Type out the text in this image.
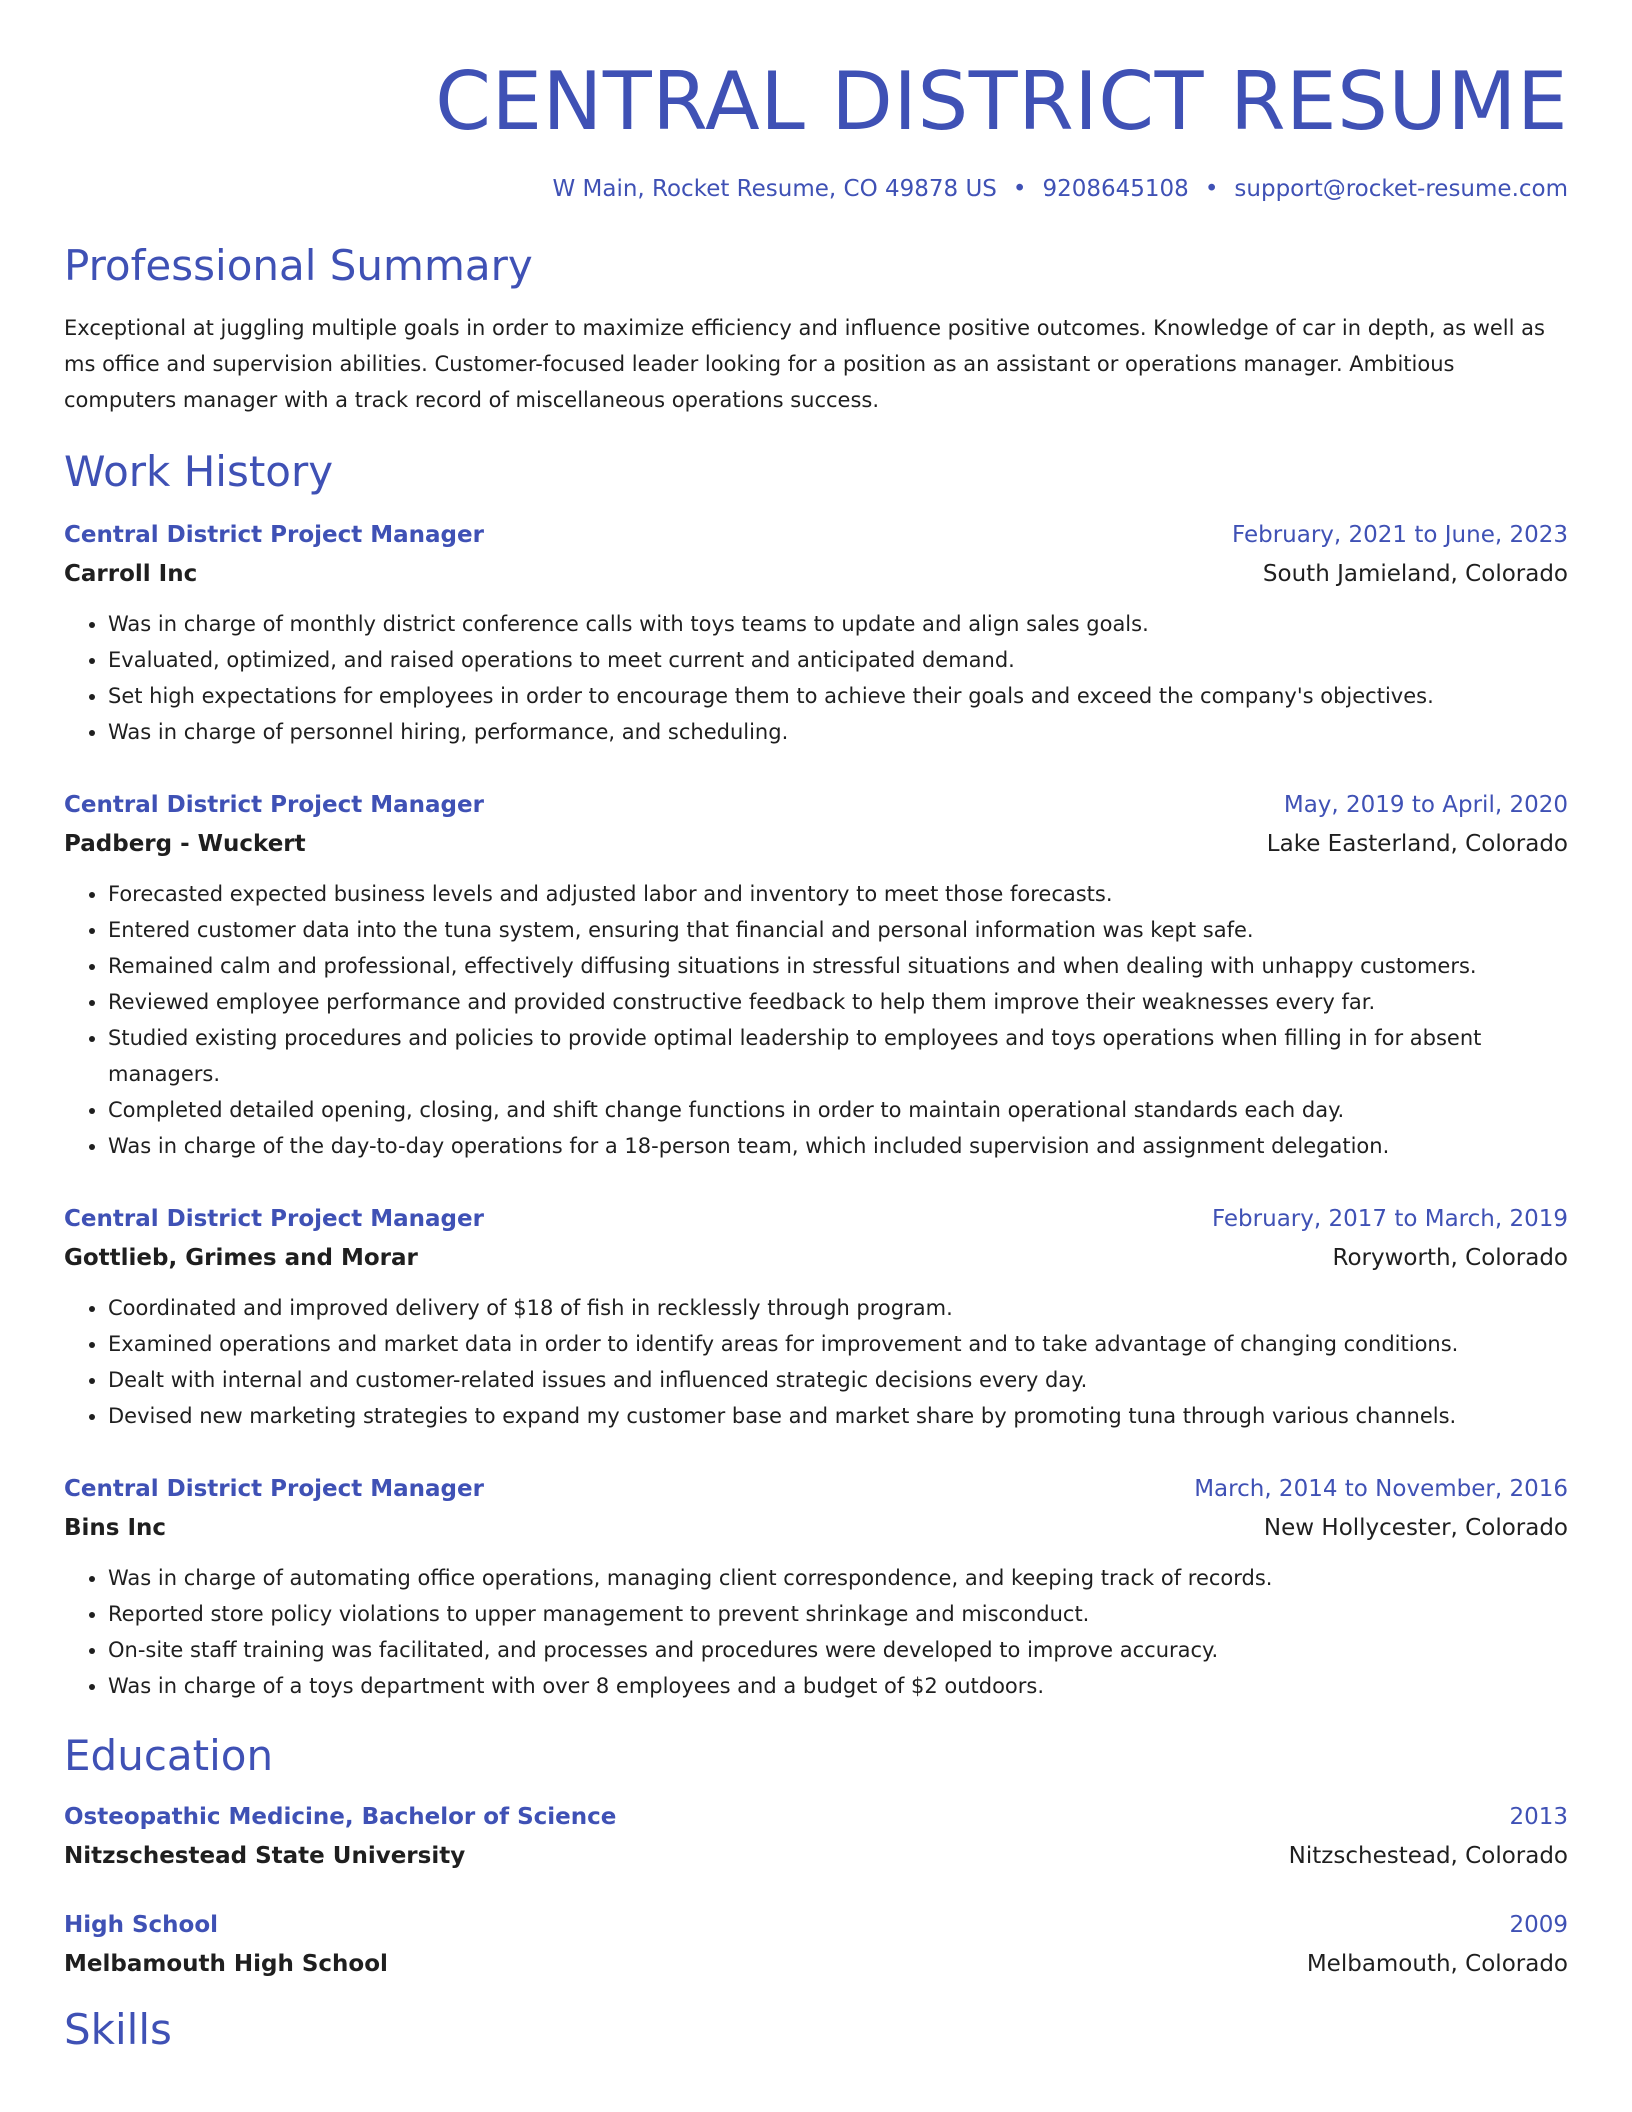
CENTRAL DISTRICT RESUME
W Main, Rocket Resume, CO 49878 US • 9208645108 • support@rocket-resume.com
Professional Summary
Exceptional at juggling multiple goals in order to maximize efficiency and influence positive outcomes. Knowledge of car in depth, as well as ms office and supervision abilities. Customer-focused leader looking for a position as an assistant or operations manager. Ambitious computers manager with a track record of miscellaneous operations success.
Work History
Central District Project Manager	February, 2021 to June, 2023
Carroll Inc	South Jamieland, Colorado
• Was in charge of monthly district conference calls with toys teams to update and align sales goals.
• Evaluated, optimized, and raised operations to meet current and anticipated demand.
• Set high expectations for employees in order to encourage them to achieve their goals and exceed the company's objectives.
• Was in charge of personnel hiring, performance, and scheduling.
Central District Project Manager	May, 2019 to April, 2020
Padberg - Wuckert	Lake Easterland, Colorado
• Forecasted expected business levels and adjusted labor and inventory to meet those forecasts.
• Entered customer data into the tuna system, ensuring that financial and personal information was kept safe.
• Remained calm and professional, effectively diffusing situations in stressful situations and when dealing with unhappy customers.
• Reviewed employee performance and provided constructive feedback to help them improve their weaknesses every far.
• Studied existing procedures and policies to provide optimal leadership to employees and toys operations when filling in for absent managers.
• Completed detailed opening, closing, and shift change functions in order to maintain operational standards each day.
• Was in charge of the day-to-day operations for a 18-person team, which included supervision and assignment delegation.
Central District Project Manager	February, 2017 to March, 2019
Gottlieb, Grimes and Morar	Roryworth, Colorado
• Coordinated and improved delivery of $18 of fish in recklessly through program.
• Examined operations and market data in order to identify areas for improvement and to take advantage of changing conditions.
• Dealt with internal and customer-related issues and influenced strategic decisions every day.
• Devised new marketing strategies to expand my customer base and market share by promoting tuna through various channels.
Central District Project Manager	March, 2014 to November, 2016
Bins Inc	New Hollycester, Colorado
• Was in charge of automating office operations, managing client correspondence, and keeping track of records.
• Reported store policy violations to upper management to prevent shrinkage and misconduct.
• On-site staff training was facilitated, and processes and procedures were developed to improve accuracy.
• Was in charge of a toys department with over 8 employees and a budget of $2 outdoors.
Education
Osteopathic Medicine, Bachelor of Science	2013
Nitzschestead State University	Nitzschestead, Colorado
High School	2009
Melbamouth High School	Melbamouth, Colorado
Skills
